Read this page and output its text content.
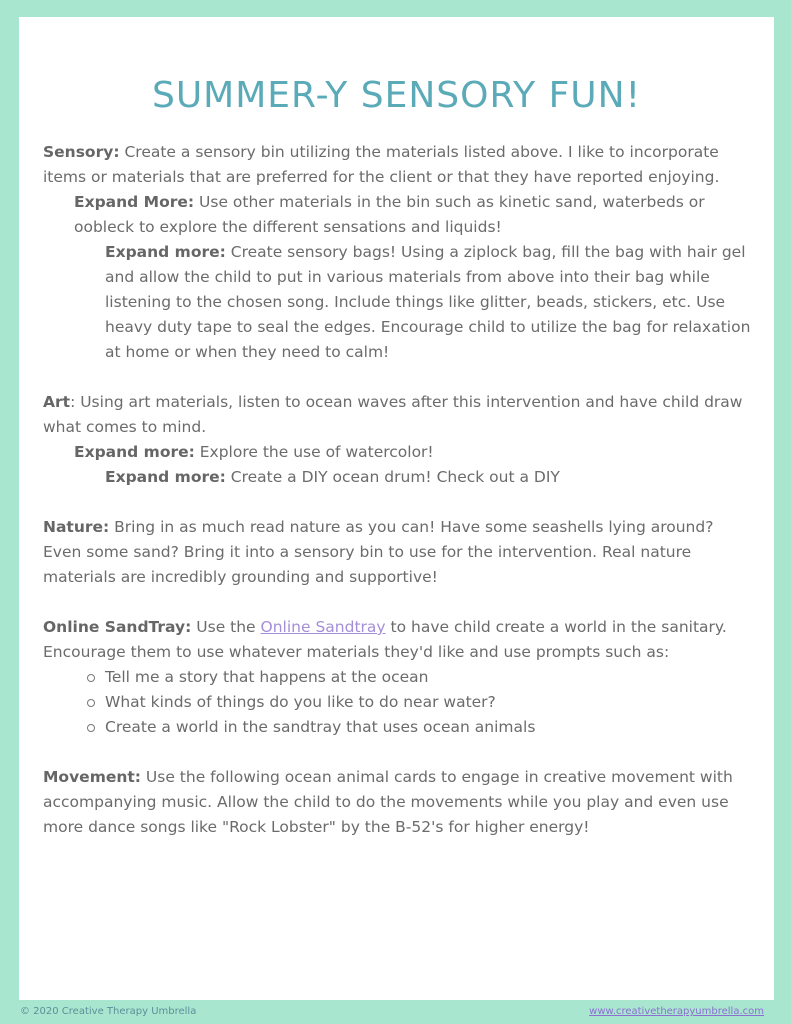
SUMMER-Y SENSORY FUN!

Sensory: Create a sensory bin utilizing the materials listed above. I like to incorporate items or materials that are preferred for the client or that they have reported enjoying.

Expand More: Use other materials in the bin such as kinetic sand, waterbeds or oobleck to explore the different sensations and liquids!

Expand more: Create sensory bags! Using a ziplock bag, fill the bag with hair gel and allow the child to put in various materials from above into their bag while listening to the chosen song. Include things like glitter, beads, stickers, etc. Use heavy duty tape to seal the edges. Encourage child to utilize the bag for relaxation at home or when they need to calm!

Art: Using art materials, listen to ocean waves after this intervention and have child draw what comes to mind.

Expand more: Explore the use of watercolor!

Expand more: Create a DIY ocean drum! Check out a DIY

Nature: Bring in as much read nature as you can! Have some seashells lying around? Even some sand? Bring it into a sensory bin to use for the intervention. Real nature materials are incredibly grounding and supportive!

Online SandTray: Use the Online Sandtray to have child create a world in the sanitary. Encourage them to use whatever materials they'd like and use prompts such as:

Tell me a story that happens at the ocean
What kinds of things do you like to do near water?
Create a world in the sandtray that uses ocean animals

Movement: Use the following ocean animal cards to engage in creative movement with accompanying music. Allow the child to do the movements while you play and even use more dance songs like "Rock Lobster" by the B-52's for higher energy!

© 2020 Creative Therapy Umbrella	www.creativetherapyumbrella.com
